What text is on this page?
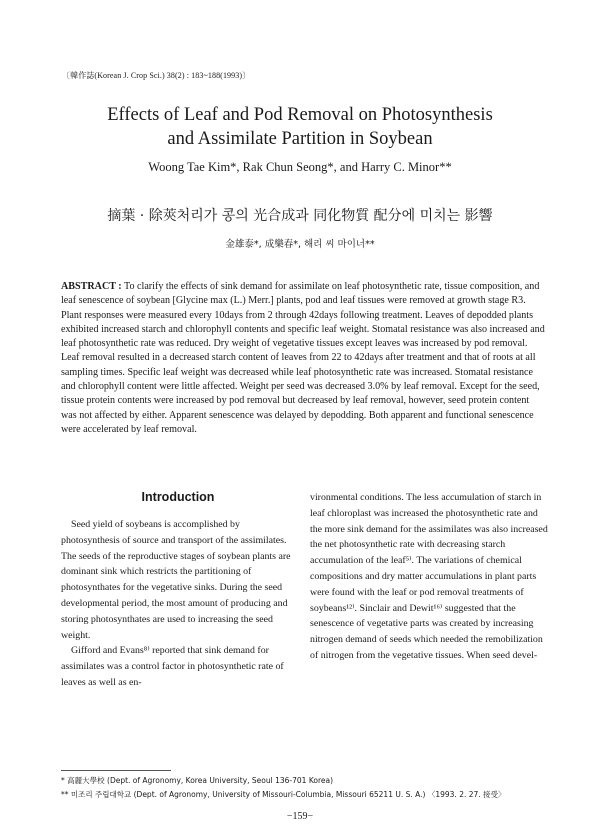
〔韓作誌(Korean J. Crop Sci.) 38(2) : 183~188(1993)〕
Effects of Leaf and Pod Removal on Photosynthesis
and Assimilate Partition in Soybean
Woong Tae Kim*, Rak Chun Seong*, and Harry C. Minor**
摘葉 · 除莢처리가 콩의 光合成과 同化物質 配分에 미치는 影響
金雄泰*, 成樂春*, 해리 씨 마이너**

ABSTRACT : To clarify the effects of sink demand for assimilate on leaf photosynthetic rate, tissue composition, and leaf senescence of soybean [Glycine max (L.) Merr.] plants, pod and leaf tissues were removed at growth stage R3. Plant responses were measured every 10days from 2 through 42days following treatment. Leaves of depodded plants exhibited increased starch and chlorophyll contents and specific leaf weight. Stomatal resistance was also increased and leaf photosynthetic rate was reduced. Dry weight of vegetative tissues except leaves was increased by pod removal. Leaf removal resulted in a decreased starch content of leaves from 22 to 42days after treatment and that of roots at all sampling times. Specific leaf weight was decreased while leaf photosynthetic rate was increased. Stomatal resistance and chlorophyll content were little affected. Weight per seed was decreased 3.0% by leaf removal. Except for the seed, tissue protein contents were increased by pod removal but decreased by leaf removal, however, seed protein content was not affected by either. Apparent senescence was delayed by depodding. Both apparent and functional senescence were accelerated by leaf removal.

Introduction

Seed yield of soybeans is accomplished by photosynthesis of source and transport of the assimilates. The seeds of the reproductive stages of soybean plants are dominant sink which restricts the partitioning of photosynthates for the vegetative sinks. During the seed developmental period, the most amount of producing and storing photosynthates are used to increasing the seed weight.

Gifford and Evans⁸⁾ reported that sink demand for assimilates was a control factor in photosynthetic rate of leaves as well as en-

vironmental conditions. The less accumulation of starch in leaf chloroplast was increased the photosynthetic rate and the more sink demand for the assimilates was also increased the net photosynthetic rate with decreasing starch accumulation of the leaf⁵⁾. The variations of chemical compositions and dry matter accumulations in plant parts were found with the leaf or pod removal treatments of soybeans¹²⁾. Sinclair and Dewit¹⁶⁾ suggested that the senescence of vegetative parts was created by increasing nitrogen demand of seeds which needed the remobilization of nitrogen from the vegetative tissues. When seed devel-

* 高麗大學校 (Dept. of Agronomy, Korea University, Seoul 136-701 Korea)
** 미조리 주립대학교 (Dept. of Agronomy, University of Missouri-Columbia, Missouri 65211 U. S. A.) 〈1993. 2. 27. 接受〉
−159−
